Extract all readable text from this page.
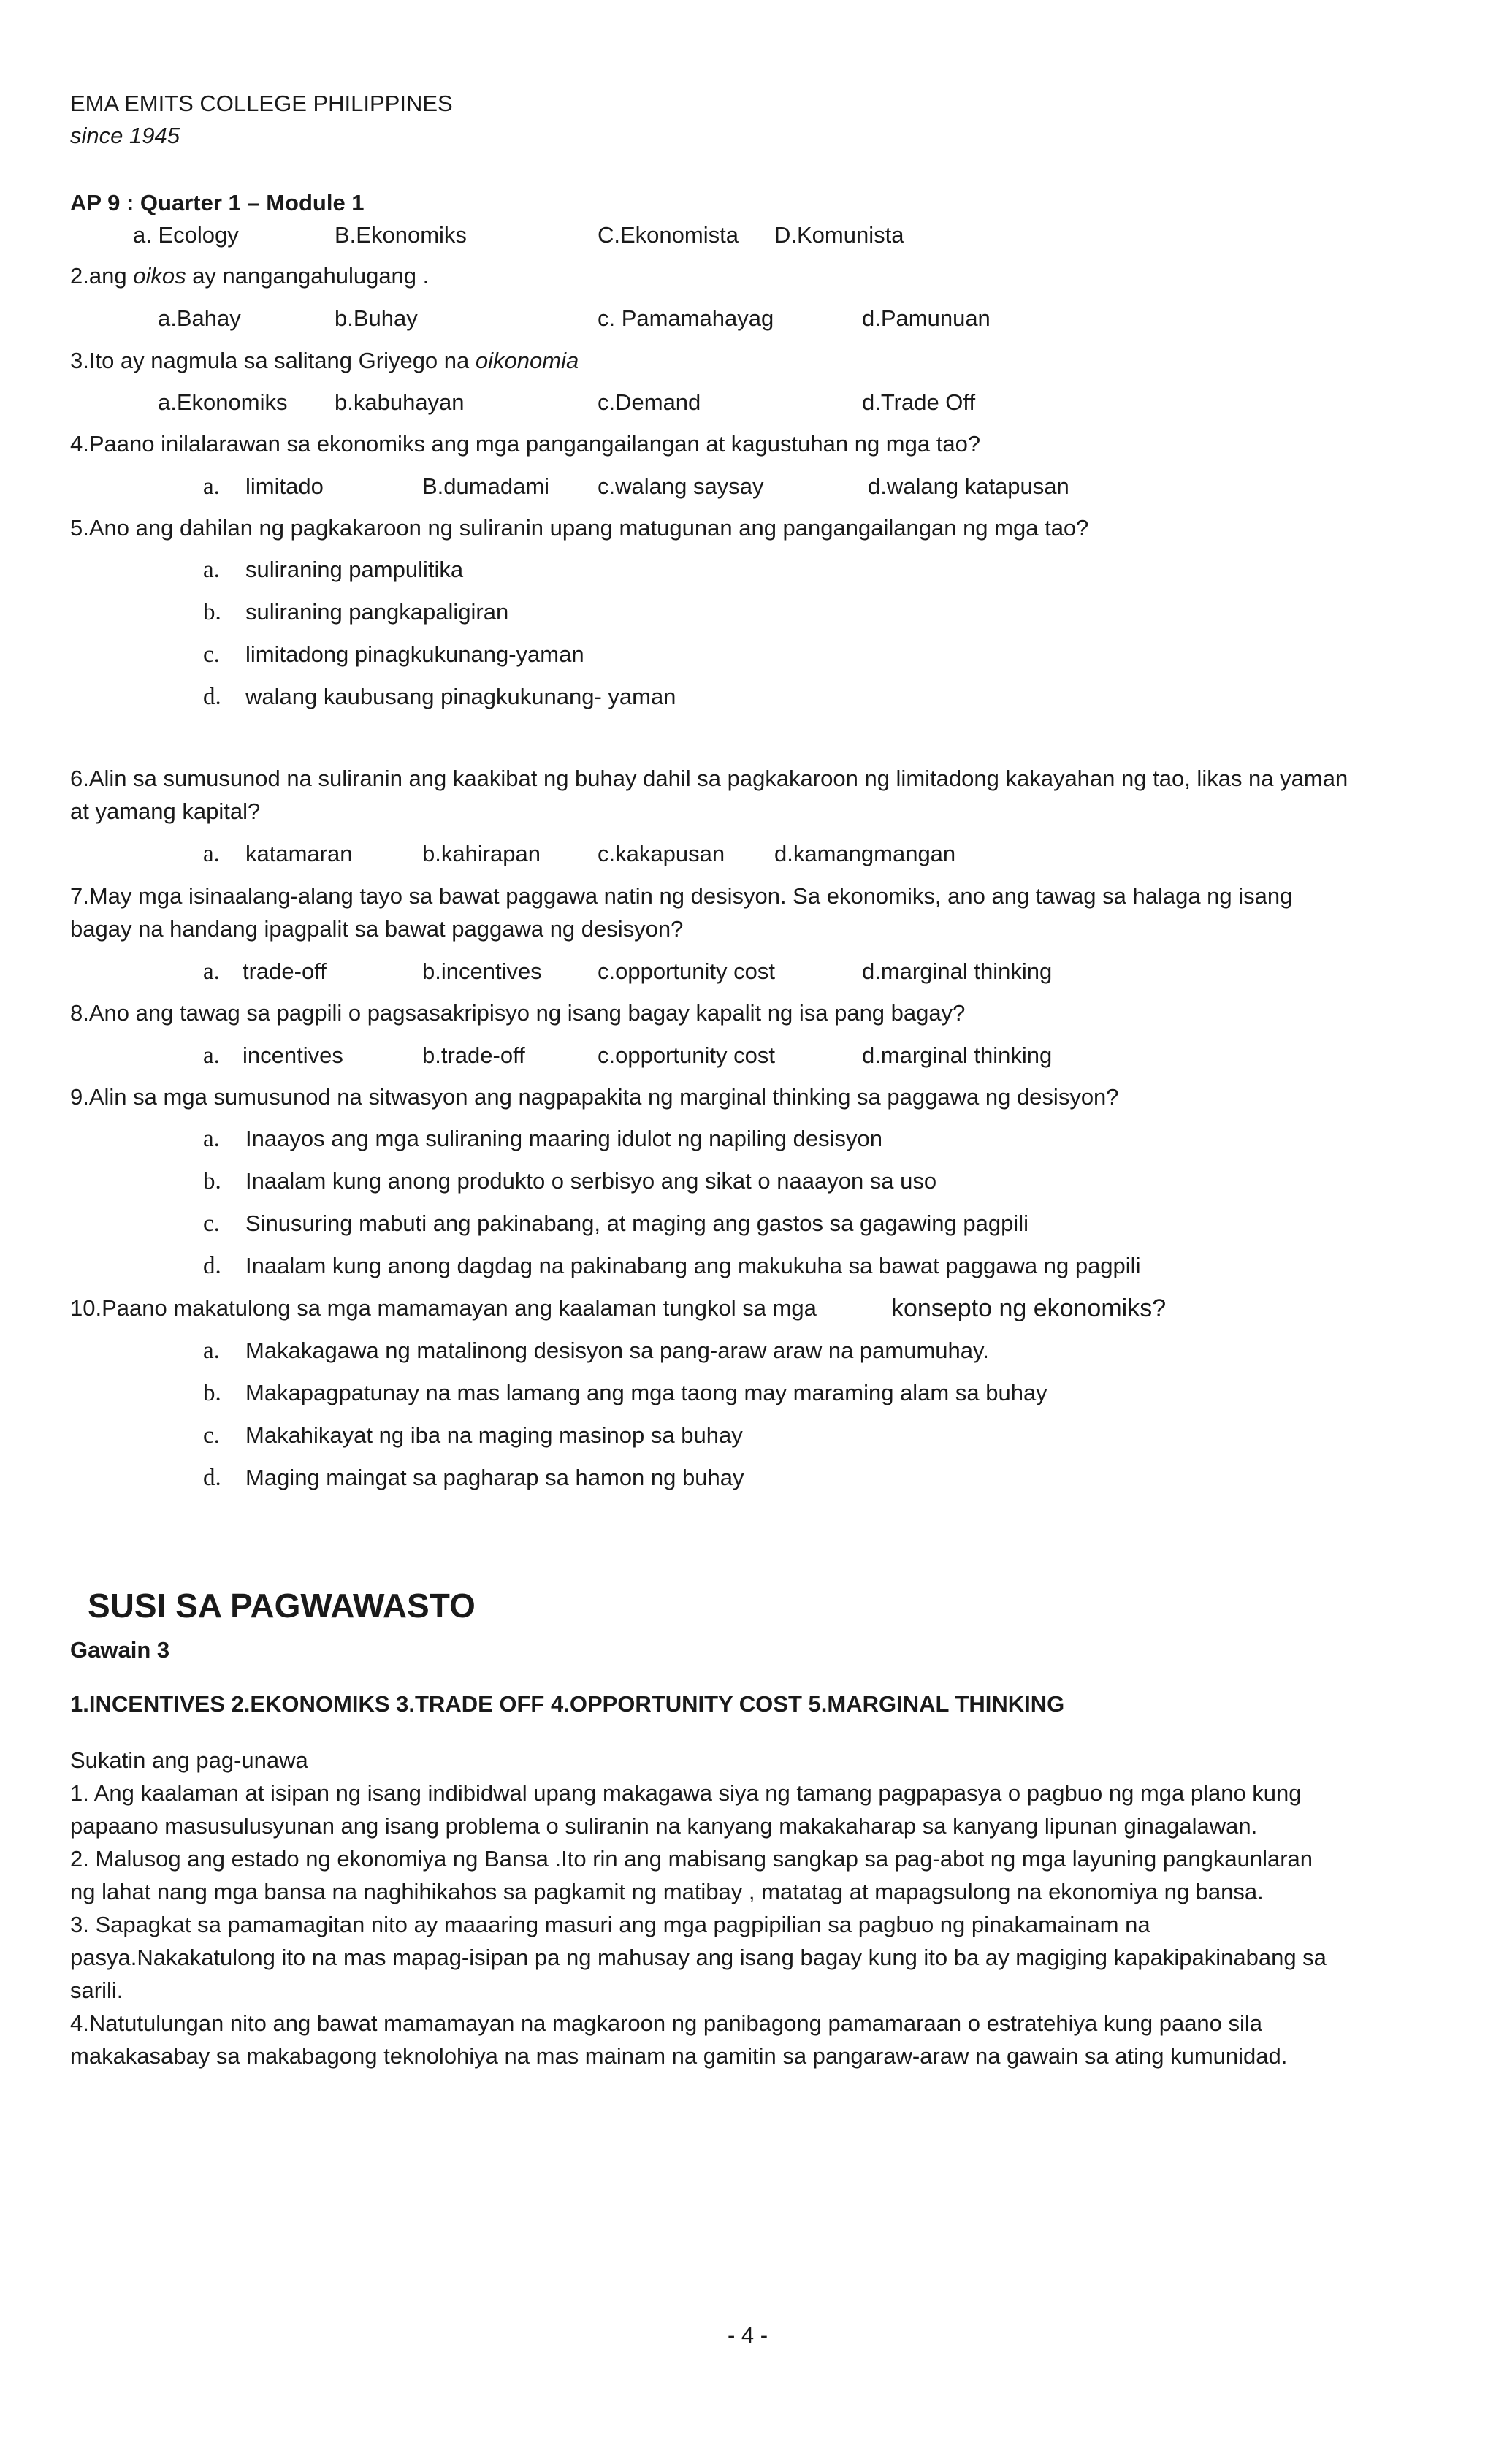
EMA EMITS COLLEGE PHILIPPINES
since 1945
AP 9 : Quarter 1 – Module 1
a. Ecology	B.Ekonomiks	C.Ekonomista D.Komunista
2.ang oikos ay nangangahulugang .
a.Bahay	b.Buhay	c. Pamamahayag	d.Pamunuan
3.Ito ay nagmula sa salitang Griyego na oikonomia
a.Ekonomiks b.kabuhayan	c.Demand	d.Trade Off
4.Paano inilalarawan sa ekonomiks ang mga pangangailangan at kagustuhan ng mga tao?
a. limitado	B.dumadami c.walang saysay	d.walang katapusan
5.Ano ang dahilan ng pagkakaroon ng suliranin upang matugunan ang pangangailangan ng mga tao?
a. suliraning pampulitika
b. suliraning pangkapaligiran
c. limitadong pinagkukunang-yaman
d. walang kaubusang pinagkukunang- yaman
6.Alin sa sumusunod na suliranin ang kaakibat ng buhay dahil sa pagkakaroon ng limitadong kakayahan ng tao, likas na yaman
at yamang kapital?
a. katamaran	b.kahirapan	c.kakapusan d.kamangmangan
7.May mga isinaalang-alang tayo sa bawat paggawa natin ng desisyon. Sa ekonomiks, ano ang tawag sa halaga ng isang
bagay na handang ipagpalit sa bawat paggawa ng desisyon?
a. trade-off	b.incentives c.opportunity cost	d.marginal thinking
8.Ano ang tawag sa pagpili o pagsasakripisyo ng isang bagay kapalit ng isa pang bagay?
a. incentives	b.trade-off	c.opportunity cost	d.marginal thinking
9.Alin sa mga sumusunod na sitwasyon ang nagpapakita ng marginal thinking sa paggawa ng desisyon?
a. Inaayos ang mga suliraning maaring idulot ng napiling desisyon
b. Inaalam kung anong produkto o serbisyo ang sikat o naaayon sa uso
c. Sinusuring mabuti ang pakinabang, at maging ang gastos sa gagawing pagpili
d. Inaalam kung anong dagdag na pakinabang ang makukuha sa bawat paggawa ng pagpili
10.Paano makatulong sa mga mamamayan ang kaalaman tungkol sa mga	konsepto ng ekonomiks?
a. Makakagawa ng matalinong desisyon sa pang-araw araw na pamumuhay.
b. Makapagpatunay na mas lamang ang mga taong may maraming alam sa buhay
c. Makahikayat ng iba na maging masinop sa buhay
d. Maging maingat sa pagharap sa hamon ng buhay
SUSI SA PAGWAWASTO
Gawain 3
1.INCENTIVES 2.EKONOMIKS 3.TRADE OFF 4.OPPORTUNITY COST 5.MARGINAL THINKING
Sukatin ang pag-unawa
1. Ang kaalaman at isipan ng isang indibidwal upang makagawa siya ng tamang pagpapasya o pagbuo ng mga plano kung
papaano masusulusyunan ang isang problema o suliranin na kanyang makakaharap sa kanyang lipunan ginagalawan.
2. Malusog ang estado ng ekonomiya ng Bansa .Ito rin ang mabisang sangkap sa pag-abot ng mga layuning pangkaunlaran
ng lahat nang mga bansa na naghihikahos sa pagkamit ng matibay , matatag at mapagsulong na ekonomiya ng bansa.
3. Sapagkat sa pamamagitan nito ay maaaring masuri ang mga pagpipilian sa pagbuo ng pinakamainam na
pasya.Nakakatulong ito na mas mapag-isipan pa ng mahusay ang isang bagay kung ito ba ay magiging kapakipakinabang sa
sarili.
4.Natutulungan nito ang bawat mamamayan na magkaroon ng panibagong pamamaraan o estratehiya kung paano sila
makakasabay sa makabagong teknolohiya na mas mainam na gamitin sa pangaraw-araw na gawain sa ating kumunidad.
- 4 -
